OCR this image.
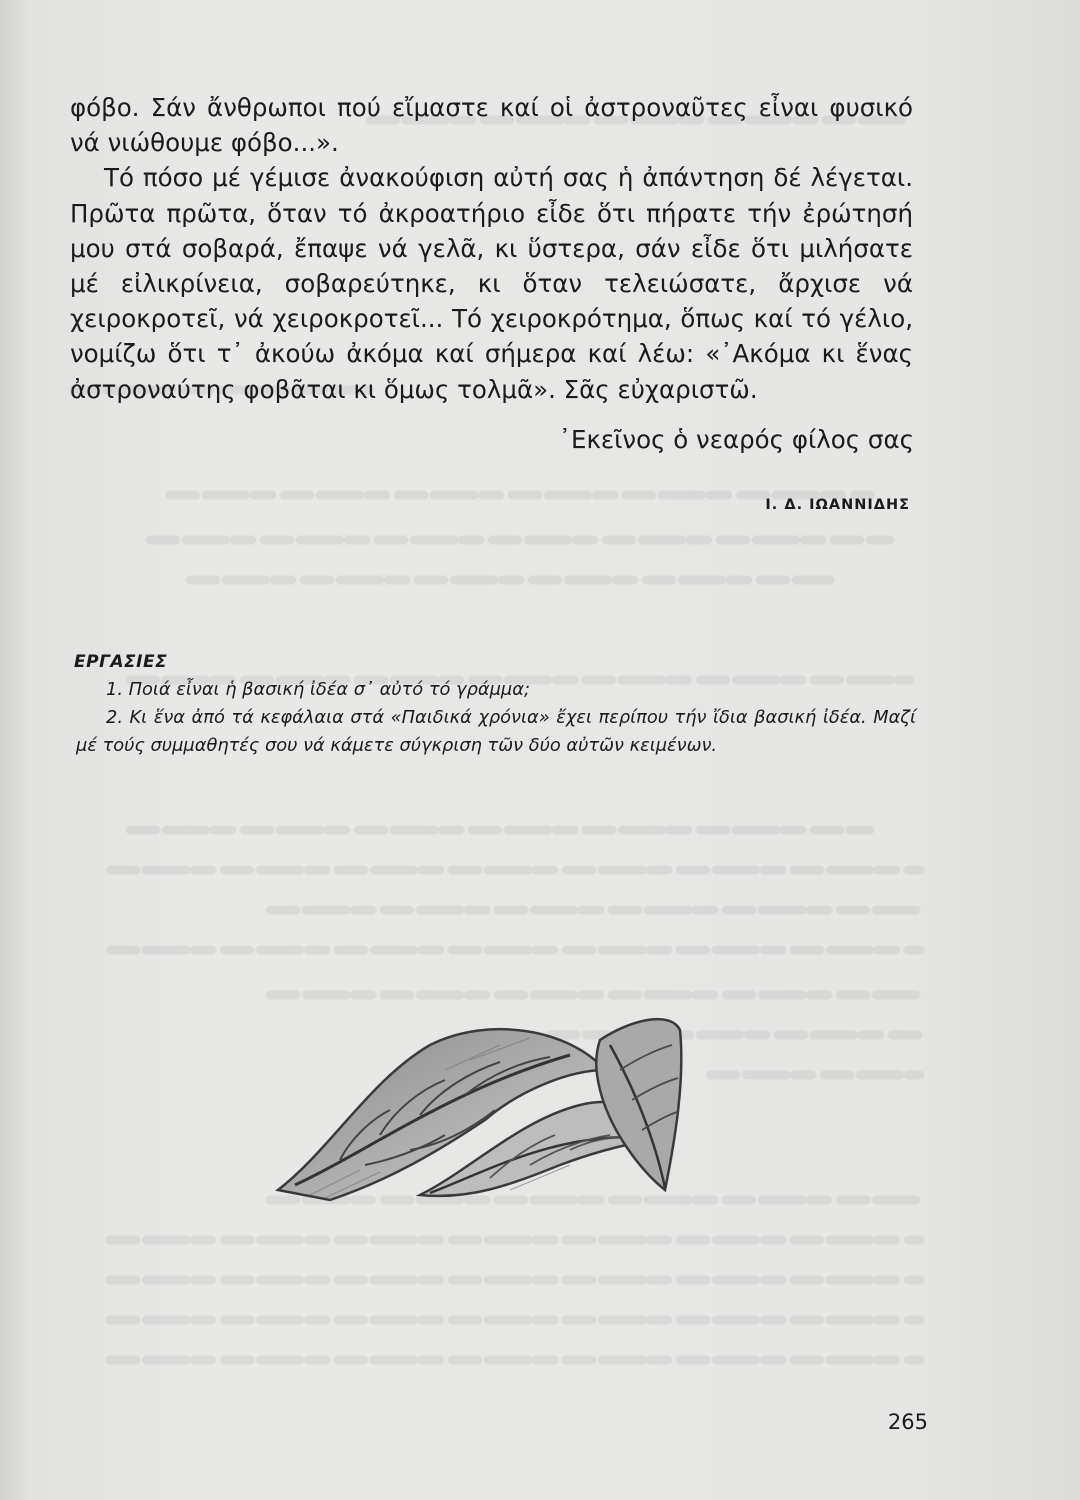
φόβο. Σάν ἄνθρωποι πού εἴμαστε καί οἱ ἀστροναῦτες εἶναι φυσικό νά νιώθουμε φόβο...».

Τό πόσο μέ γέμισε ἀνακούφιση αὐτή σας ἡ ἀπάντηση δέ λέγεται. Πρῶτα πρῶτα, ὅταν τό ἀκροατήριο εἶδε ὅτι πήρατε τήν ἐρώτησή μου στά σοβαρά, ἔπαψε νά γελᾶ, κι ὕστερα, σάν εἶδε ὅτι μιλήσατε μέ εἰλικρίνεια, σοβαρεύτηκε, κι ὅταν τελειώσατε, ἄρχισε νά χειροκροτεῖ, νά χειροκροτεῖ... Τό χειροκρότημα, ὅπως καί τό γέλιο, νομίζω ὅτι τ᾽ ἀκούω ἀκόμα καί σήμερα καί λέω: «᾽Ακόμα κι ἕνας ἀστροναύτης φοβᾶται κι ὅμως τολμᾶ». Σᾶς εὐχαριστῶ.

᾽Εκεῖνος ὁ νεαρός φίλος σας

Ι. Δ. ΙΩΑΝΝΙΔΗΣ

ΕΡΓΑΣΙΕΣ

1. Ποιά εἶναι ἡ βασική ἰδέα σ᾽ αὐτό τό γράμμα;

2. Κι ἕνα ἀπό τά κεφάλαια στά «Παιδικά χρόνια» ἔχει περίπου τήν ἴδια βασική ἰδέα. Μαζί μέ τούς συμμαθητές σου νά κάμετε σύγκριση τῶν δύο αὐτῶν κειμένων.

265
